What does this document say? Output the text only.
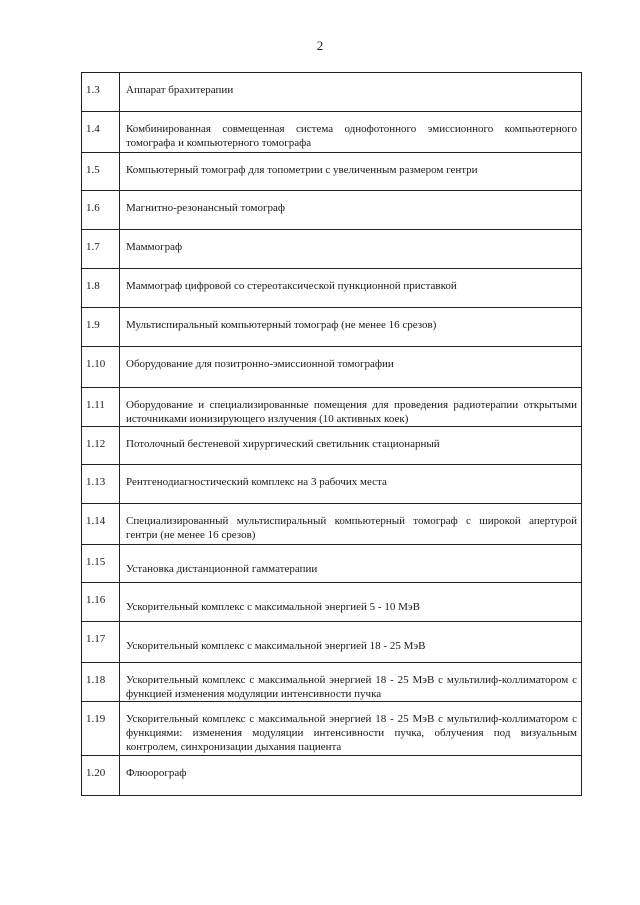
2
1.3	Аппарат брахитерапии
1.4	Комбинированная совмещенная система однофотонного эмиссионного компьютерного томографа и компьютерного томографа
1.5	Компьютерный томограф для топометрии с увеличенным размером гентри
1.6	Магнитно-резонансный томограф
1.7	Маммограф
1.8	Маммограф цифровой со стереотаксической пункционной приставкой
1.9	Мультиспиральный компьютерный томограф (не менее 16 срезов)
1.10	Оборудование для позитронно-эмиссионной томографии
1.11	Оборудование и специализированные помещения для проведения радиотерапии открытыми источниками ионизирующего излучения (10 активных коек)
1.12	Потолочный бестеневой хирургический светильник стационарный
1.13	Рентгенодиагностический комплекс на 3 рабочих места
1.14	Специализированный мультиспиральный компьютерный томограф с широкой апертурой гентри (не менее 16 срезов)
1.15	Установка дистанционной гамматерапии
1.16	Ускорительный комплекс с максимальной энергией 5 - 10 МэВ
1.17	Ускорительный комплекс с максимальной энергией 18 - 25 МэВ
1.18	Ускорительный комплекс с максимальной энергией 18 - 25 МэВ с мультилиф-коллиматором с функцией изменения модуляции интенсивности пучка
1.19	Ускорительный комплекс с максимальной энергией 18 - 25 МэВ с мультилиф-коллиматором с функциями: изменения модуляции интенсивности пучка, облучения под визуальным контролем, синхронизации дыхания пациента
1.20	Флюорограф
